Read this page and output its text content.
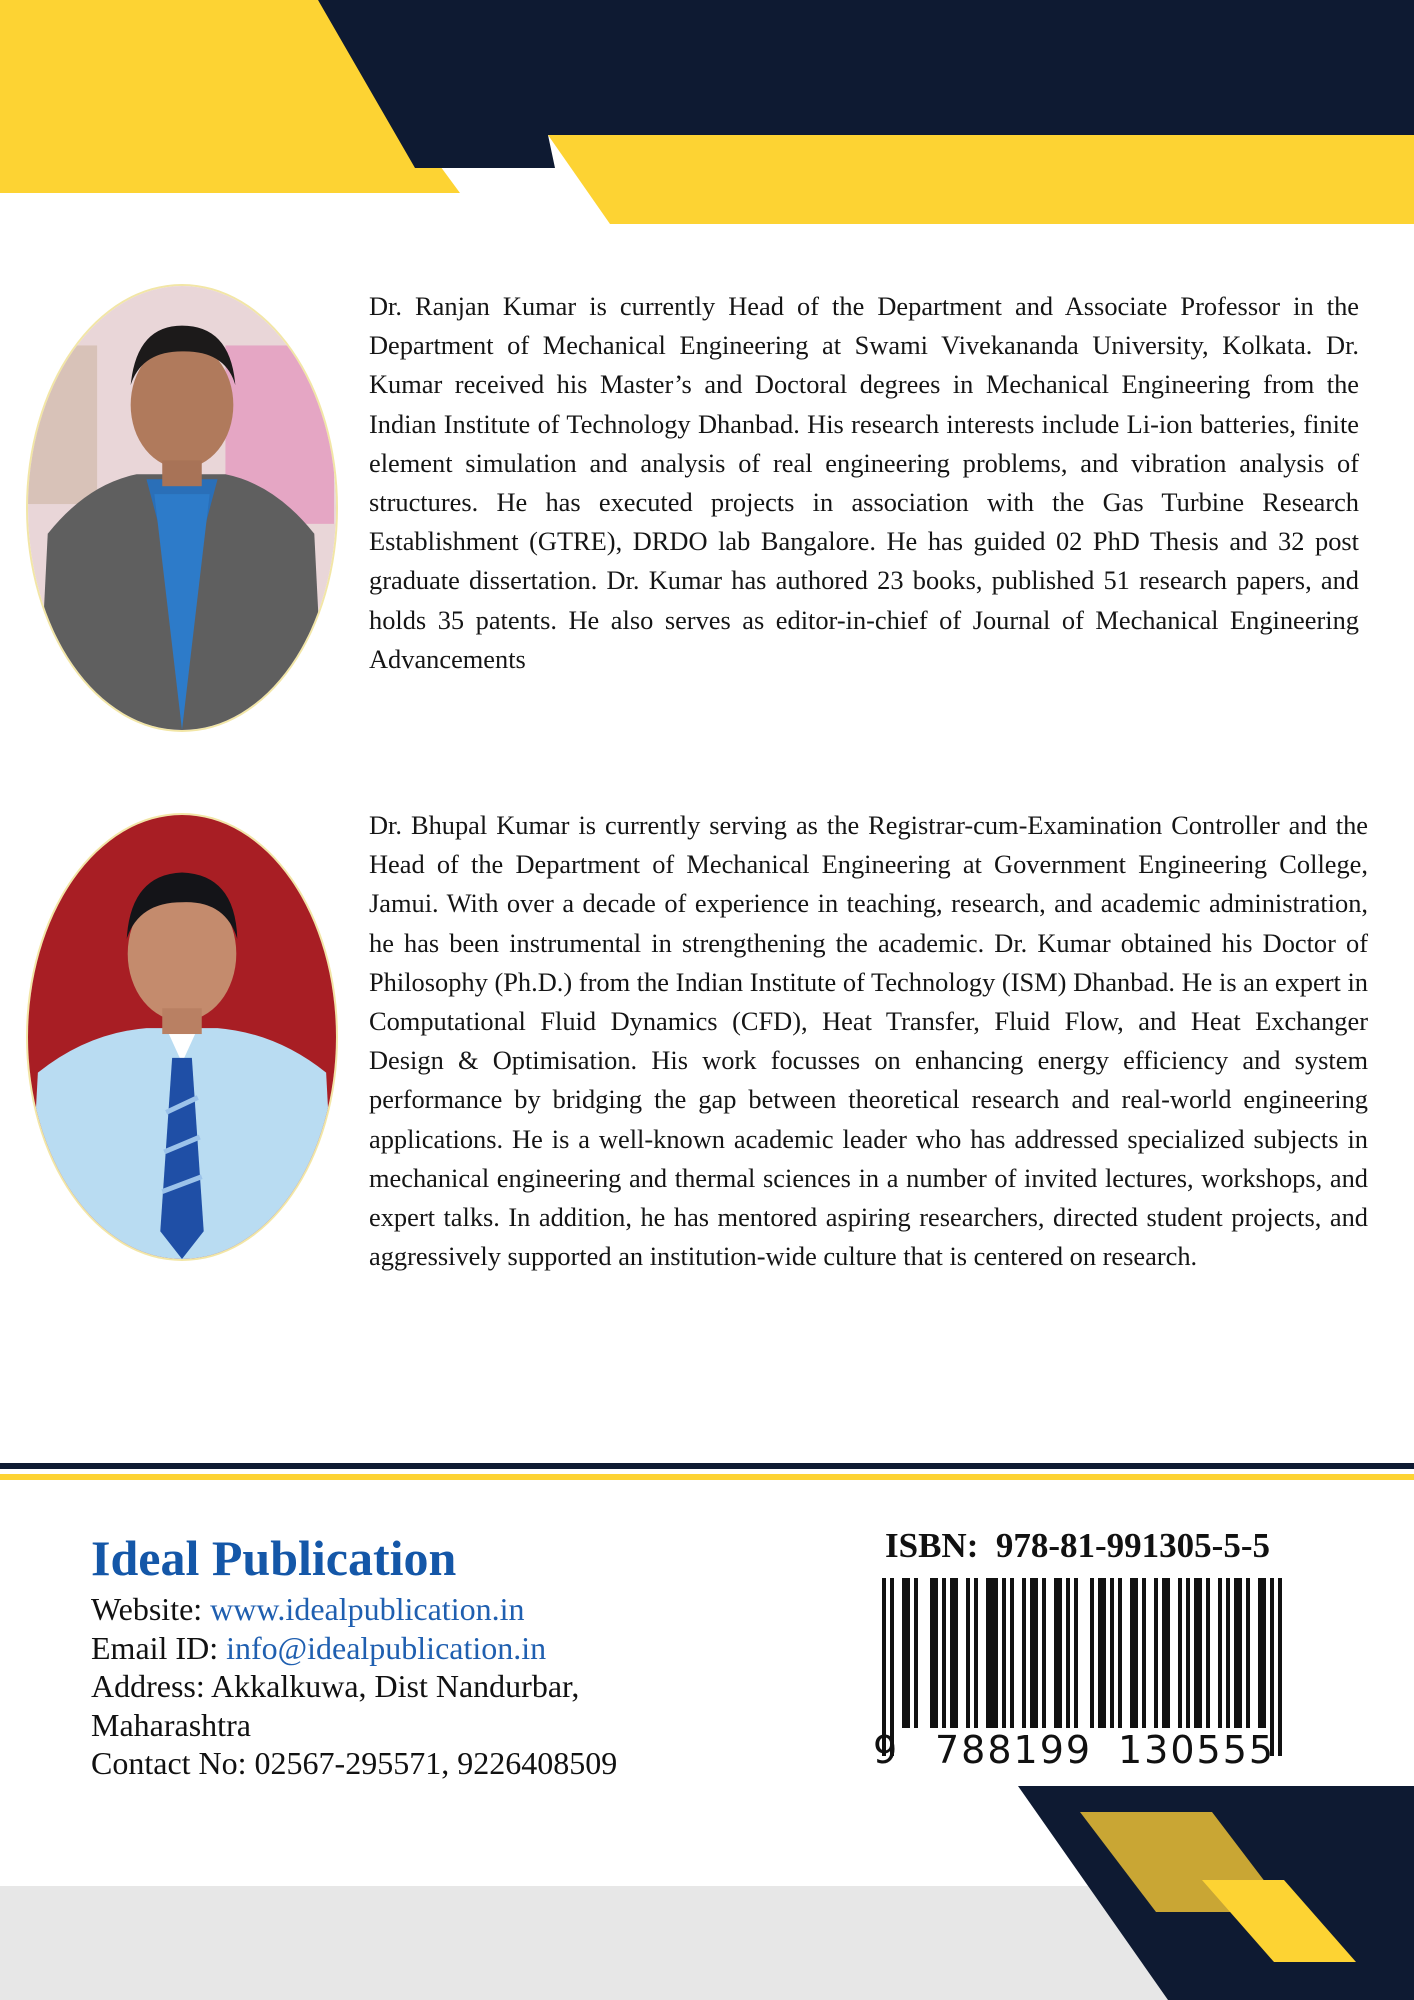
Dr. Ranjan Kumar is currently Head of the Department and Associate Professor in the Department of Mechanical Engineering at Swami Vivekananda University, Kolkata. Dr. Kumar received his Master’s and Doctoral degrees in Mechanical Engineering from the Indian Institute of Technology Dhanbad. His research interests include Li-ion batteries, finite element simulation and analysis of real engineering problems, and vibration analysis of structures. He has executed projects in association with the Gas Turbine Research Establishment (GTRE), DRDO lab Bangalore. He has guided 02 PhD Thesis and 32 post graduate dissertation. Dr. Kumar has authored 23 books, published 51 research papers, and holds 35 patents. He also serves as editor-in-chief of Journal of Mechanical Engineering Advancements

Dr. Bhupal Kumar is currently serving as the Registrar-cum-Examination Controller and the Head of the Department of Mechanical Engineering at Government Engineering College, Jamui. With over a decade of experience in teaching, research, and academic administration, he has been instrumental in strengthening the academic. Dr. Kumar obtained his Doctor of Philosophy (Ph.D.) from the Indian Institute of Technology (ISM) Dhanbad. He is an expert in Computational Fluid Dynamics (CFD), Heat Transfer, Fluid Flow, and Heat Exchanger Design & Optimisation. His work focusses on enhancing energy efficiency and system performance by bridging the gap between theoretical research and real-world engineering applications. He is a well-known academic leader who has addressed specialized subjects in mechanical engineering and thermal sciences in a number of invited lectures, workshops, and expert talks. In addition, he has mentored aspiring researchers, directed student projects, and aggressively supported an institution-wide culture that is centered on research.

Ideal Publication
Website: www.idealpublication.in
Email ID: info@idealpublication.in
Address: Akkalkuwa, Dist Nandurbar,
Maharashtra
Contact No: 02567-295571, 9226408509
ISBN: 978-81-991305-5-5
9 788199 130555
